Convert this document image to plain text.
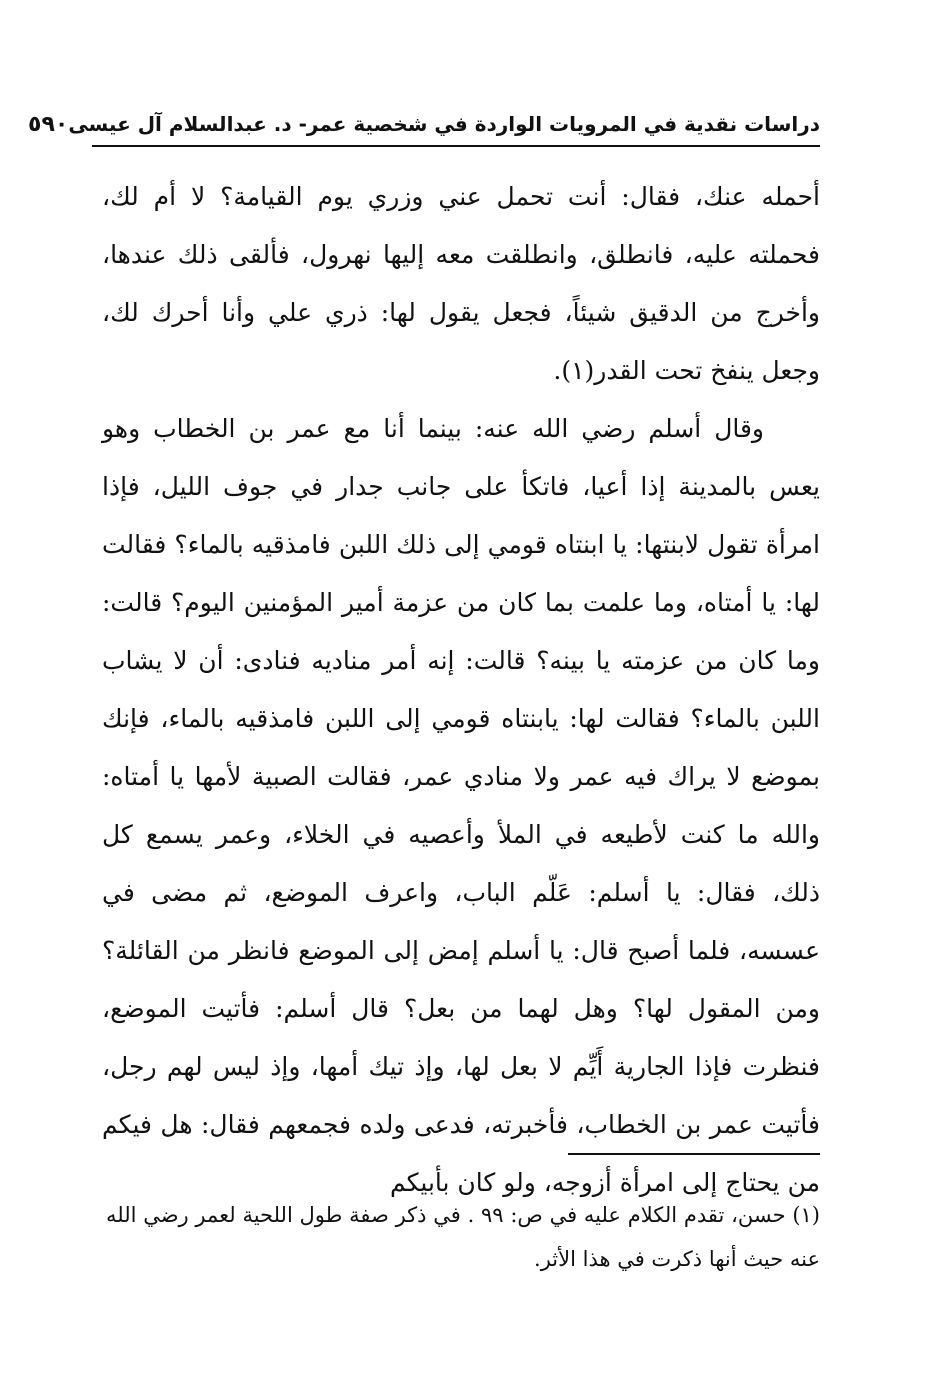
دراسات نقدية في المرويات الواردة في شخصية عمر- د. عبدالسلام آل عيسى
٥٩٠

أحمله عنك، فقال: أنت تحمل عني وزري يوم القيامة؟ لا أم لك، فحملته عليه، فانطلق، وانطلقت معه إليها نهرول، فألقى ذلك عندها، وأخرج من الدقيق شيئاً، فجعل يقول لها: ذري علي وأنا أحرك لك، وجعل ينفخ تحت القدر(١).

وقال أسلم رضي الله عنه: بينما أنا مع عمر بن الخطاب وهو يعس بالمدينة إذا أعيا، فاتكأ على جانب جدار في جوف الليل، فإذا امرأة تقول لابنتها: يا ابنتاه قومي إلى ذلك اللبن فامذقيه بالماء؟ فقالت لها: يا أمتاه، وما علمت بما كان من عزمة أمير المؤمنين اليوم؟ قالت: وما كان من عزمته يا بينه؟ قالت: إنه أمر مناديه فنادى: أن لا يشاب اللبن بالماء؟ فقالت لها: يابنتاه قومي إلى اللبن فامذقيه بالماء، فإنك بموضع لا يراك فيه عمر ولا منادي عمر، فقالت الصبية لأمها يا أمتاه: والله ما كنت لأطيعه في الملأ وأعصيه في الخلاء، وعمر يسمع كل ذلك، فقال: يا أسلم: عَلّم الباب، واعرف الموضع، ثم مضى في عسسه، فلما أصبح قال: يا أسلم إمض إلى الموضع فانظر من القائلة؟ ومن المقول لها؟ وهل لهما من بعل؟ قال أسلم: فأتيت الموضع، فنظرت فإذا الجارية أَيِّم لا بعل لها، وإذ تيك أمها، وإذ ليس لهم رجل، فأتيت عمر بن الخطاب، فأخبرته، فدعى ولده فجمعهم فقال: هل فيكم من يحتاج إلى امرأة أزوجه، ولو كان بأبيكم

(١) حسن، تقدم الكلام عليه في ص: ٩٩ . في ذكر صفة طول اللحية لعمر رضي الله عنه حيث أنها ذكرت في هذا الأثر.
